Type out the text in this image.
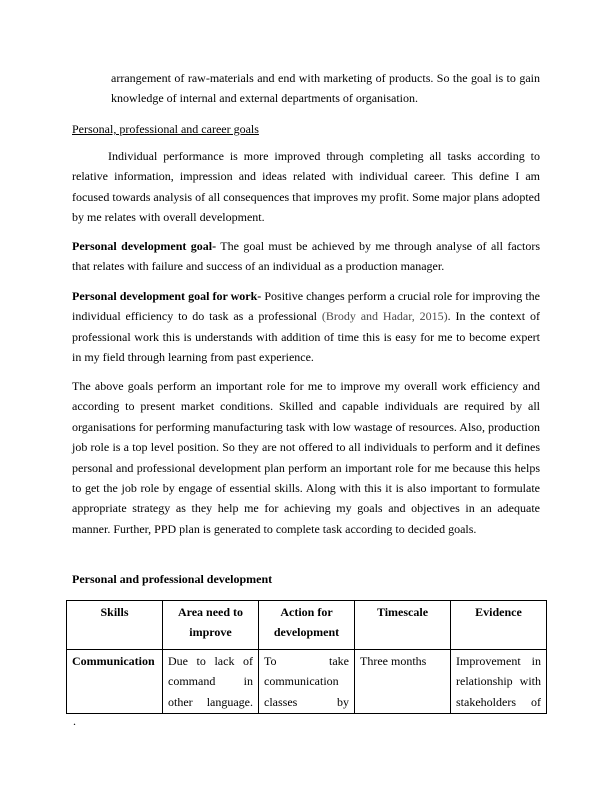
arrangement of raw-materials and end with marketing of products. So the goal is to gain knowledge of internal and external departments of organisation.

Personal, professional and career goals

Individual performance is more improved through completing all tasks according to relative information, impression and ideas related with individual career. This define I am focused towards analysis of all consequences that improves my profit. Some major plans adopted by me relates with overall development.

Personal development goal- The goal must be achieved by me through analyse of all factors that relates with failure and success of an individual as a production manager.

Personal development goal for work- Positive changes perform a crucial role for improving the individual efficiency to do task as a professional (Brody and Hadar, 2015). In the context of professional work this is understands with addition of time this is easy for me to become expert in my field through learning from past experience.

The above goals perform an important role for me to improve my overall work efficiency and according to present market conditions. Skilled and capable individuals are required by all organisations for performing manufacturing task with low wastage of resources. Also, production job role is a top level position. So they are not offered to all individuals to perform and it defines personal and professional development plan perform an important role for me because this helps to get the job role by engage of essential skills. Along with this it is also important to formulate appropriate strategy as they help me for achieving my goals and objectives in an adequate manner. Further, PPD plan is generated to complete task according to decided goals.

Personal and professional development
Skills	Area need to improve	Action for development	Timescale	Evidence
Communication	Due to lack of command in other language.	To take communication classes by	Three months	Improvement in relationship with stakeholders of
.
